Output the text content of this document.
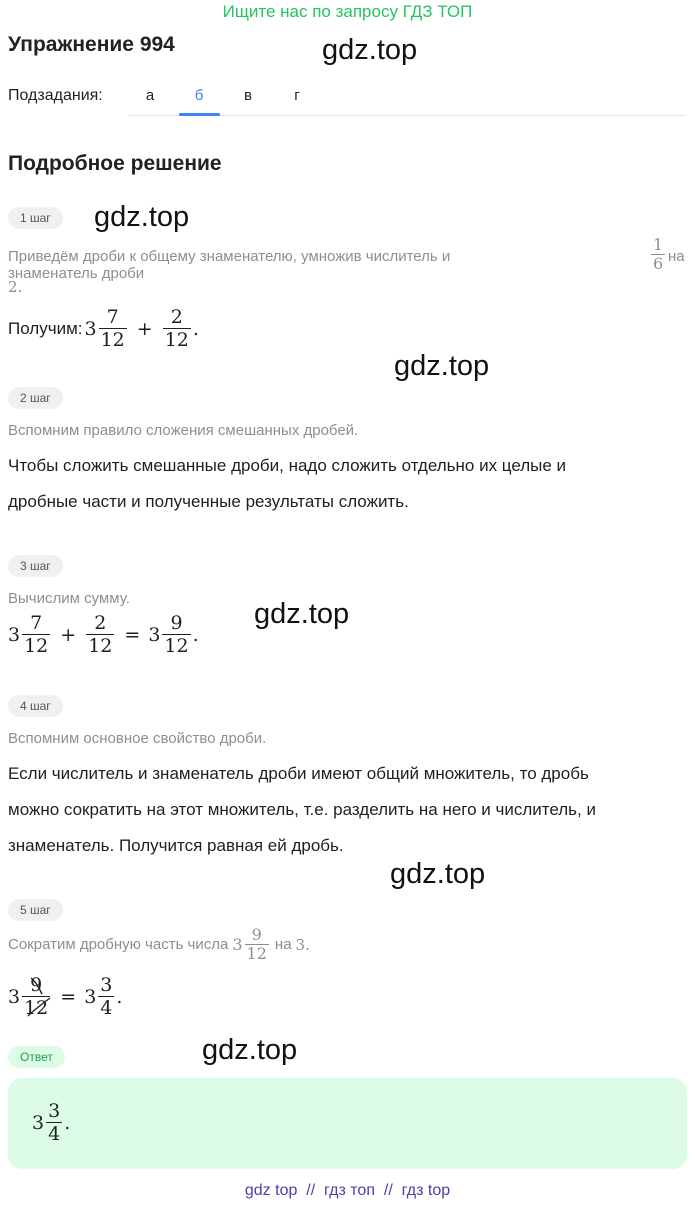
Ищите нас по запросу ГДЗ ТОП
Упражнение 994	gdz.top
Подзадания:	а	б	в	г
Подробное решение
1 шаг	gdz.top
Приведём дроби к общему знаменателю, умножив числитель и знаменатель дроби
$\frac{1}{6}$ на
2.
Получим: $3 \frac{7}{12} + \frac{2}{12}$ .
gdz.top
2 шаг
Вспомним правило сложения смешанных дробей.
Чтобы сложить смешанные дроби, надо сложить отдельно их целые и
дробные части и полученные результаты сложить.
3 шаг
Вычислим сумму.	gdz.top
$3 \frac{7}{12} + \frac{2}{12} = 3 \frac{9}{12}$ .
4 шаг
Вспомним основное свойство дроби.
Если числитель и знаменатель дроби имеют общий множитель, то дробь
можно сократить на этот множитель, т.е. разделить на него и числитель, и
знаменатель. Получится равная ей дробь.
gdz.top
5 шаг
Сократим дробную часть числа $3 \frac{9}{12}$ на 3.
$3 \frac{9}{12} = 3 \frac{3}{4}$ .
Ответ	gdz.top
$3 \frac{3}{4}$ .
gdz top  //  гдз топ  //  гдз top
